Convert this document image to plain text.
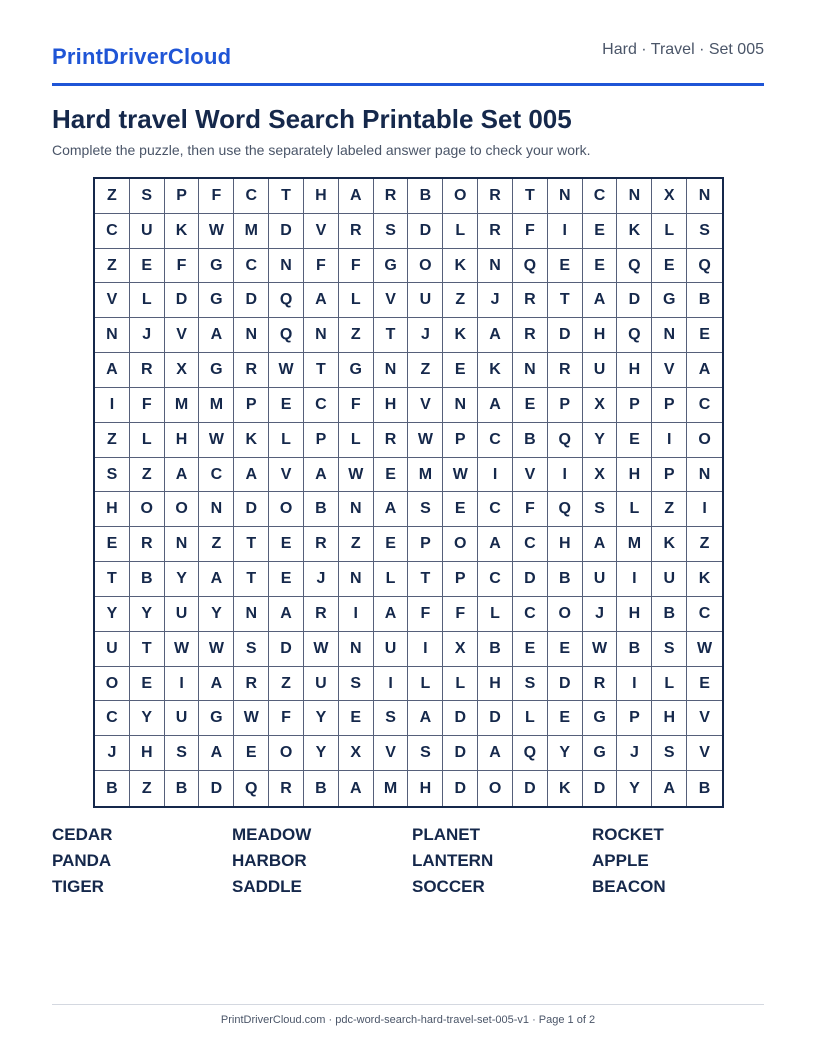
PrintDriverCloud	Hard · Travel · Set 005
Hard travel Word Search Printable Set 005
Complete the puzzle, then use the separately labeled answer page to check your work.
Z	S	P	F	C	T	H	A	R	B	O	R	T	N	C	N	X	N
C	U	K	W	M	D	V	R	S	D	L	R	F	I	E	K	L	S
Z	E	F	G	C	N	F	F	G	O	K	N	Q	E	E	Q	E	Q
V	L	D	G	D	Q	A	L	V	U	Z	J	R	T	A	D	G	B
N	J	V	A	N	Q	N	Z	T	J	K	A	R	D	H	Q	N	E
A	R	X	G	R	W	T	G	N	Z	E	K	N	R	U	H	V	A
I	F	M	M	P	E	C	F	H	V	N	A	E	P	X	P	P	C
Z	L	H	W	K	L	P	L	R	W	P	C	B	Q	Y	E	I	O
S	Z	A	C	A	V	A	W	E	M	W	I	V	I	X	H	P	N
H	O	O	N	D	O	B	N	A	S	E	C	F	Q	S	L	Z	I
E	R	N	Z	T	E	R	Z	E	P	O	A	C	H	A	M	K	Z
T	B	Y	A	T	E	J	N	L	T	P	C	D	B	U	I	U	K
Y	Y	U	Y	N	A	R	I	A	F	F	L	C	O	J	H	B	C
U	T	W	W	S	D	W	N	U	I	X	B	E	E	W	B	S	W
O	E	I	A	R	Z	U	S	I	L	L	H	S	D	R	I	L	E
C	Y	U	G	W	F	Y	E	S	A	D	D	L	E	G	P	H	V
J	H	S	A	E	O	Y	X	V	S	D	A	Q	Y	G	J	S	V
B	Z	B	D	Q	R	B	A	M	H	D	O	D	K	D	Y	A	B
CEDAR	MEADOW	PLANET	ROCKET
PANDA	HARBOR	LANTERN	APPLE
TIGER	SADDLE	SOCCER	BEACON
PrintDriverCloud.com · pdc-word-search-hard-travel-set-005-v1 · Page 1 of 2
